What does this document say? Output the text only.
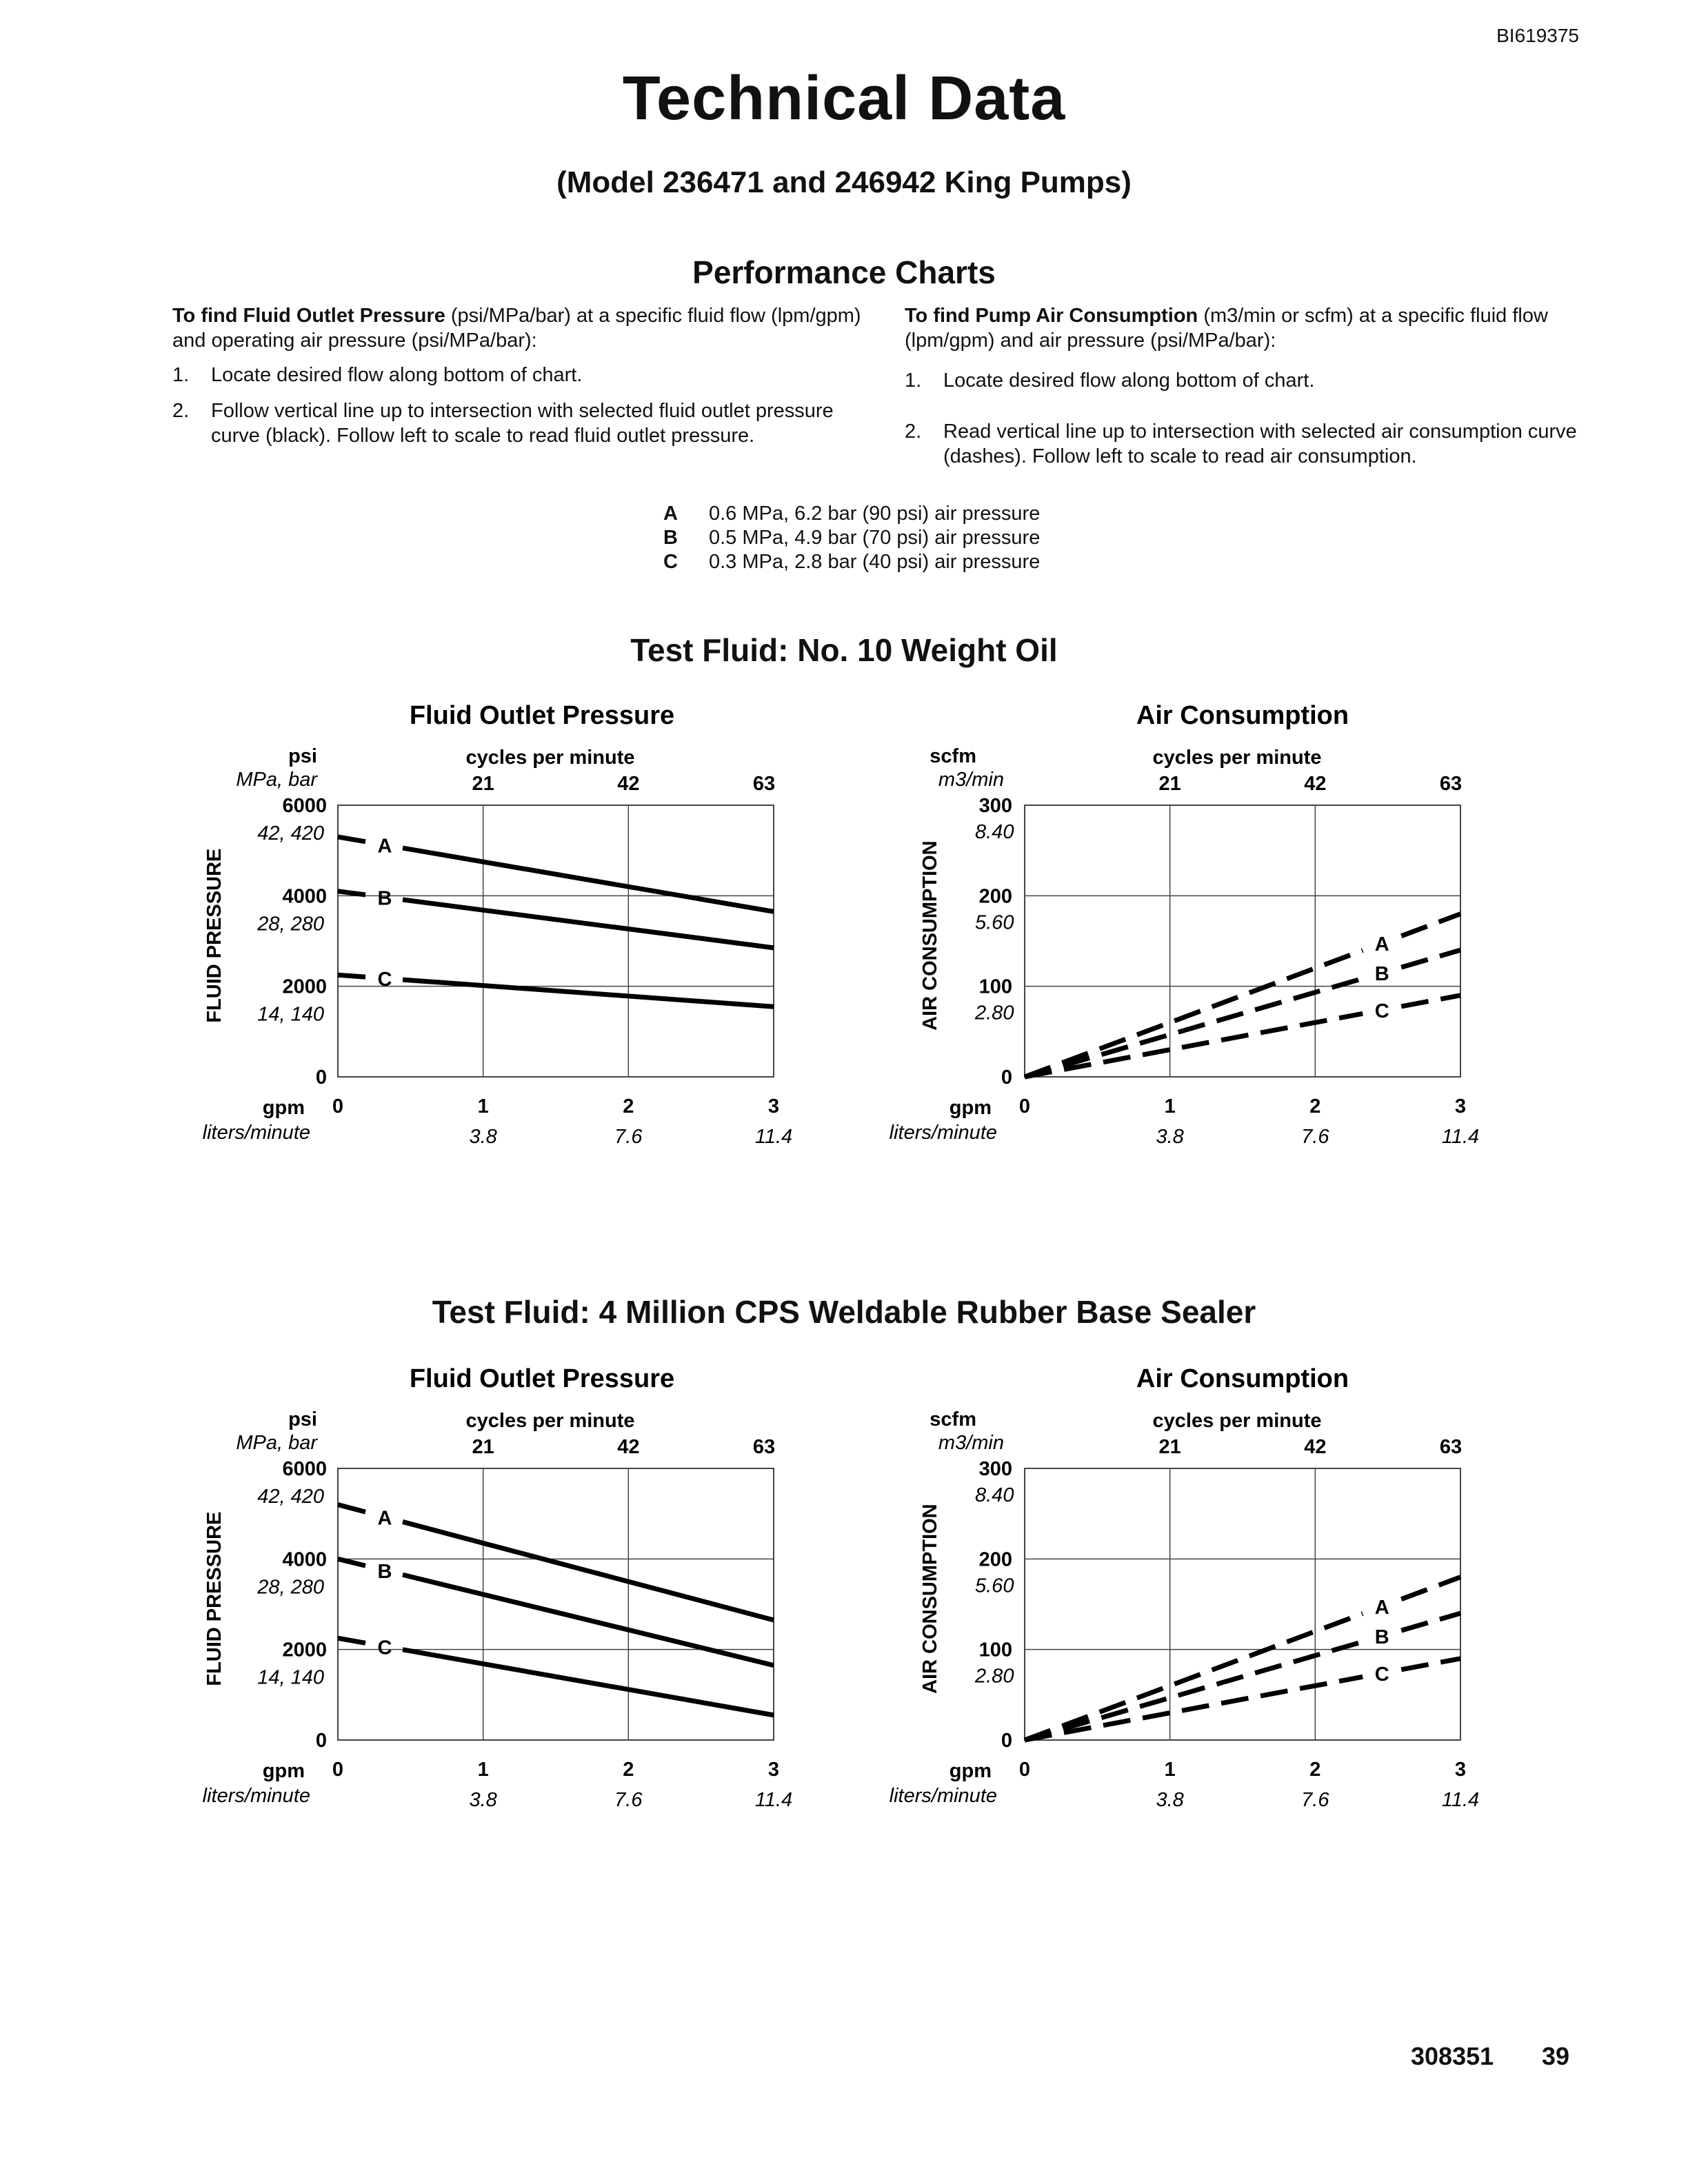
BI619375
Technical Data
(Model 236471 and 246942 King Pumps)
Performance Charts
To find Fluid Outlet Pressure (psi/MPa/bar) at a specific fluid flow (lpm/gpm) and operating air pressure (psi/MPa/bar):
1. Locate desired flow along bottom of chart.
2. Follow vertical line up to intersection with selected fluid outlet pressure curve (black). Follow left to scale to read fluid outlet pressure.
To find Pump Air Consumption (m3/min or scfm) at a specific fluid flow (lpm/gpm) and air pressure (psi/MPa/bar):
1. Locate desired flow along bottom of chart.
2. Read vertical line up to intersection with selected air consumption curve (dashes). Follow left to scale to read air consumption.
A	0.6 MPa, 6.2 bar (90 psi) air pressure
B	0.5 MPa, 4.9 bar (70 psi) air pressure
C	0.3 MPa, 2.8 bar (40 psi) air pressure
Test Fluid: No. 10 Weight Oil
Test Fluid: 4 Million CPS Weldable Rubber Base Sealer
Fluid Outlet Pressure
cycles per minute
21	42	63
psi
MPa, bar
0
2000
14, 140
4000
28, 280
6000
42, 420
FLUID PRESSURE
0	1
3.8
2
7.6
3
11.4
gpm
liters/minute
A
B
C
Air Consumption
cycles per minute
21	42	63
scfm
m3/min
0
100
2.80
200
5.60
300
8.40
AIR CONSUMPTION
0	1
3.8
2
7.6
3
11.4
gpm
liters/minute
A
B
C
Fluid Outlet Pressure
cycles per minute
21	42	63
psi
MPa, bar
0
2000
14, 140
4000
28, 280
6000
42, 420
FLUID PRESSURE
0	1
3.8
2
7.6
3
11.4
gpm
liters/minute
A
B
C
Air Consumption
cycles per minute
21	42	63
scfm
m3/min
0
100
2.80
200
5.60
300
8.40
AIR CONSUMPTION
0	1
3.8
2
7.6
3
11.4
gpm
liters/minute
A
B
C
308351 39
